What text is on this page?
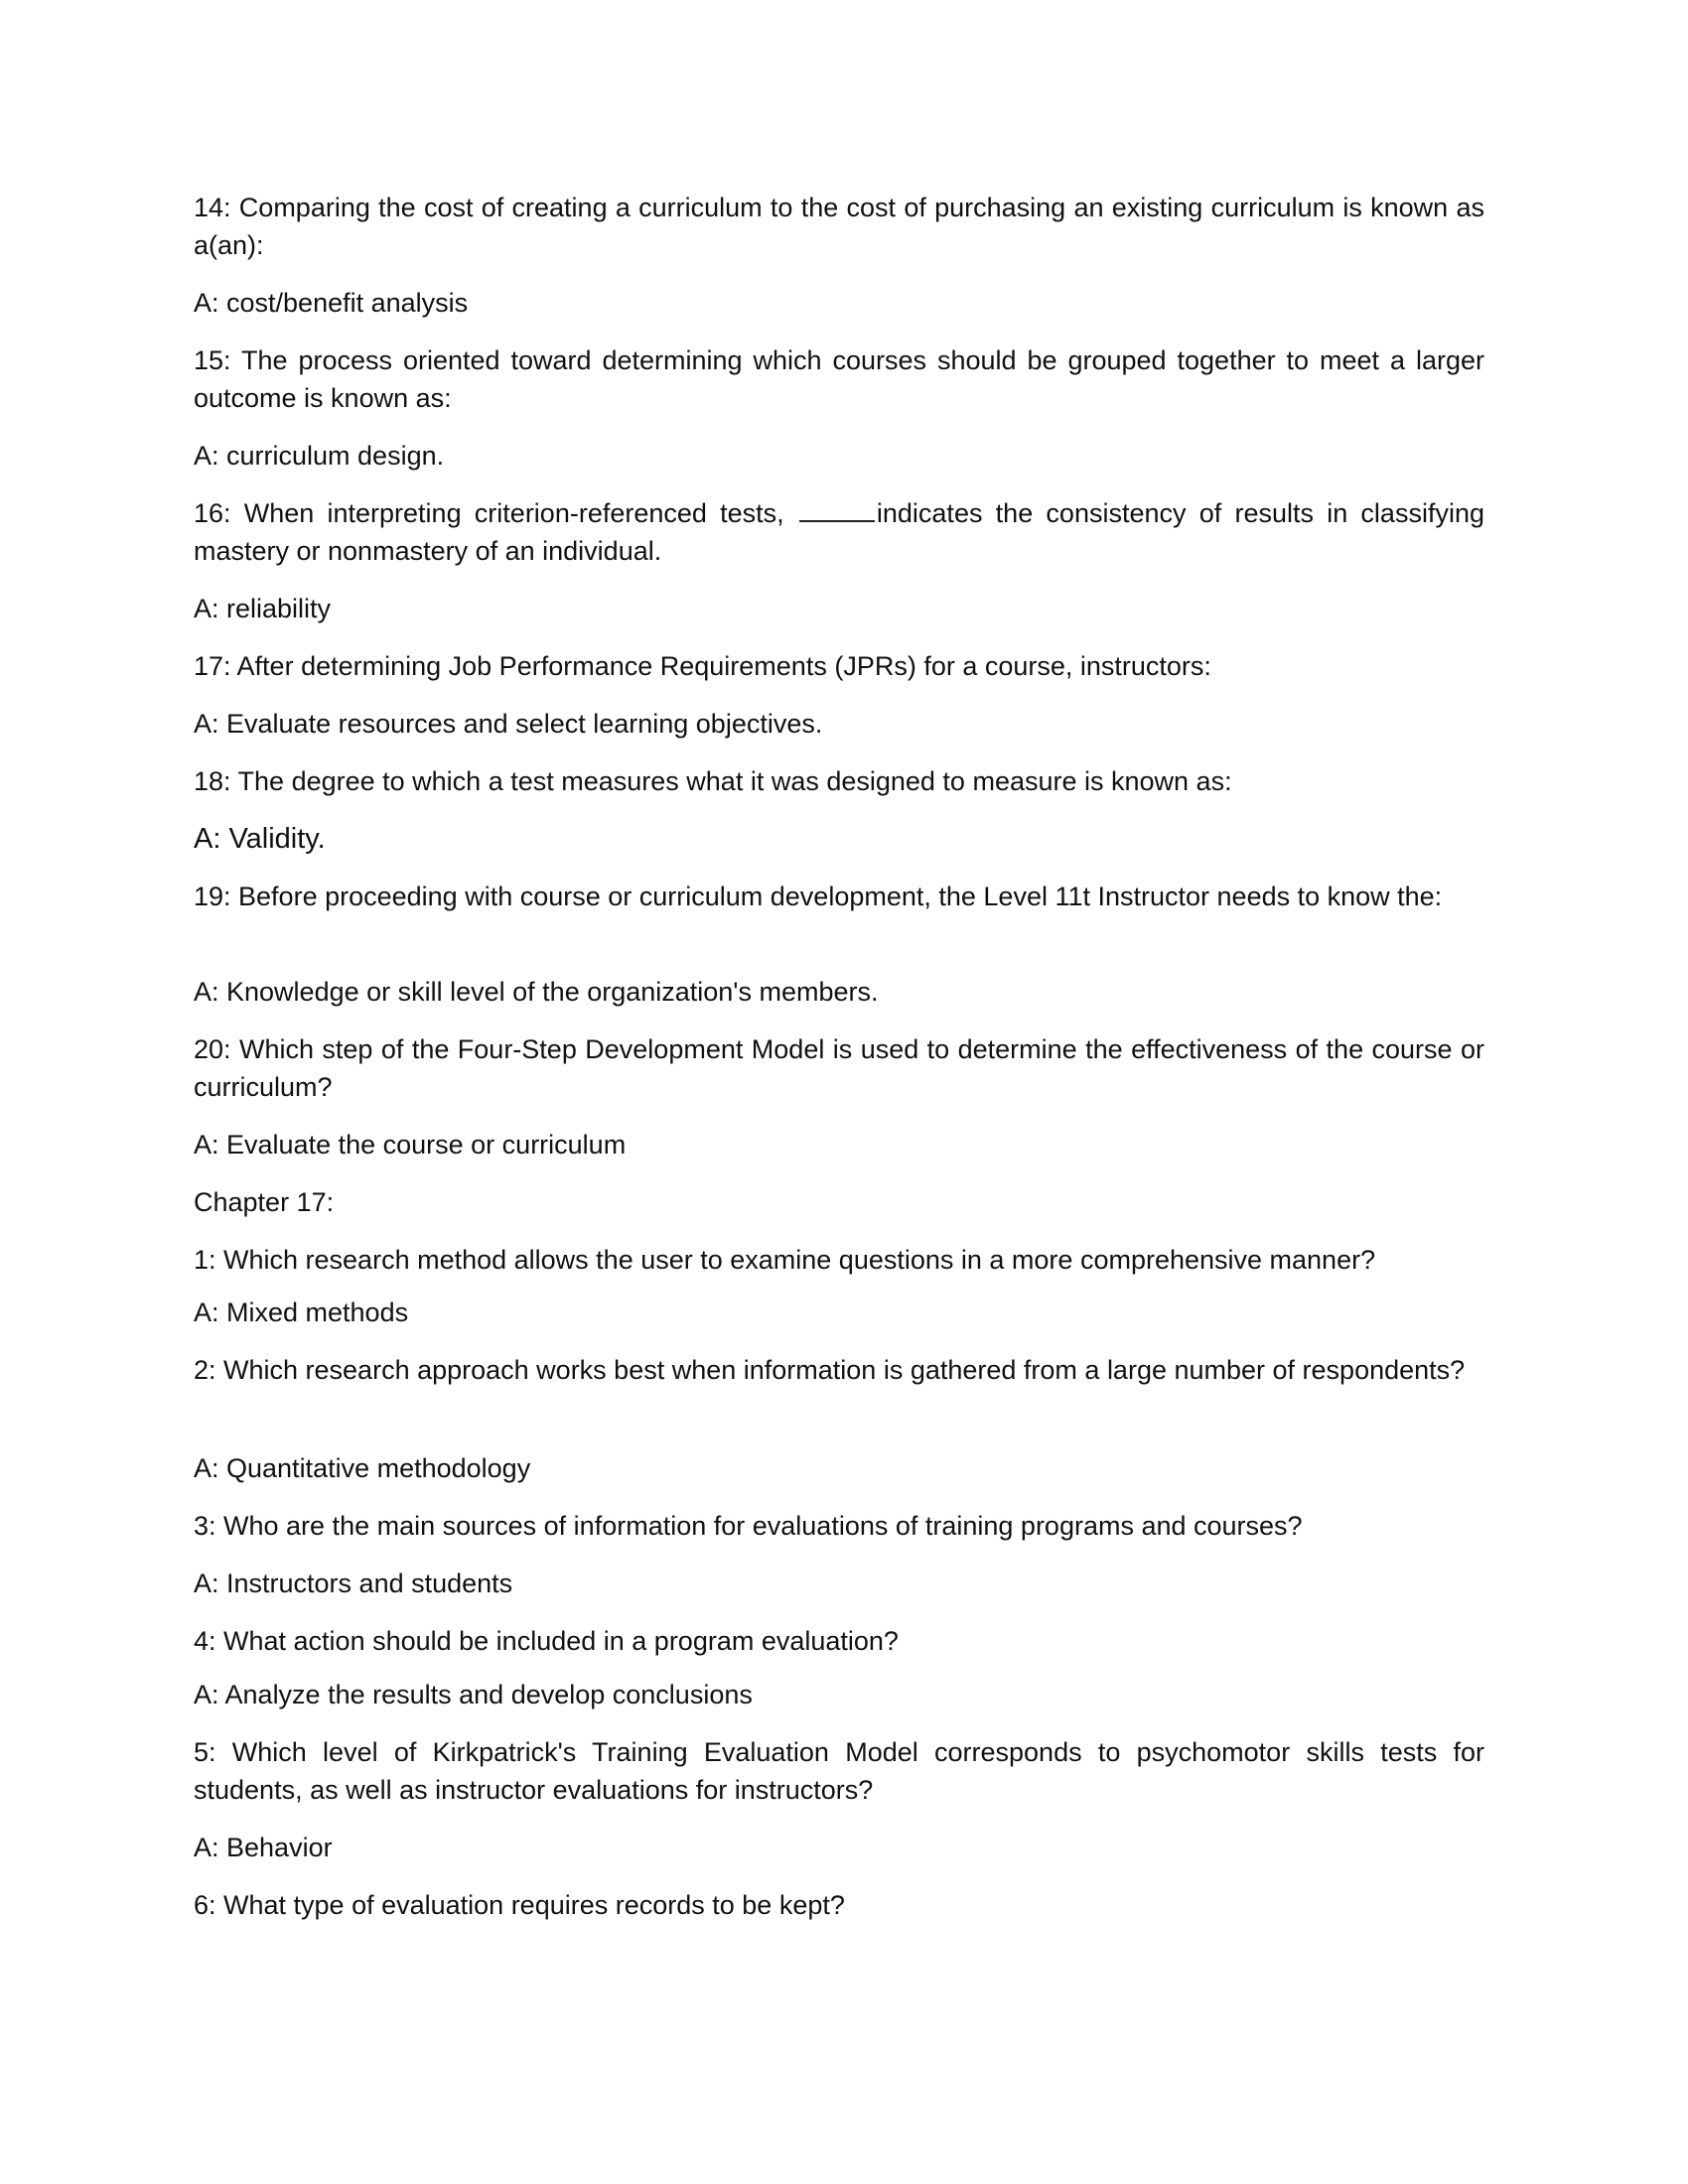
14: Comparing the cost of creating a curriculum to the cost of purchasing an existing curriculum is known as a(an):

A: cost/benefit analysis

15: The process oriented toward determining which courses should be grouped together to meet a larger outcome is known as:

A: curriculum design.

16: When interpreting criterion-referenced tests,	indicates the consistency of results in classifying mastery or nonmastery of an individual.

A: reliability

17: After determining Job Performance Requirements (JPRs) for a course, instructors:

A: Evaluate resources and select learning objectives.

18: The degree to which a test measures what it was designed to measure is known as:

A: Validity.

19: Before proceeding with course or curriculum development, the Level 11t Instructor needs to know the:

A: Knowledge or skill level of the organization's members.

20: Which step of the Four-Step Development Model is used to determine the effectiveness of the course or curriculum?

A: Evaluate the course or curriculum

Chapter 17:

1: Which research method allows the user to examine questions in a more comprehensive manner?

A: Mixed methods

2: Which research approach works best when information is gathered from a large number of respondents?

A: Quantitative methodology

3: Who are the main sources of information for evaluations of training programs and courses?

A: Instructors and students

4: What action should be included in a program evaluation?

A: Analyze the results and develop conclusions

5: Which level of Kirkpatrick's Training Evaluation Model corresponds to psychomotor skills tests for students, as well as instructor evaluations for instructors?

A: Behavior

6: What type of evaluation requires records to be kept?
